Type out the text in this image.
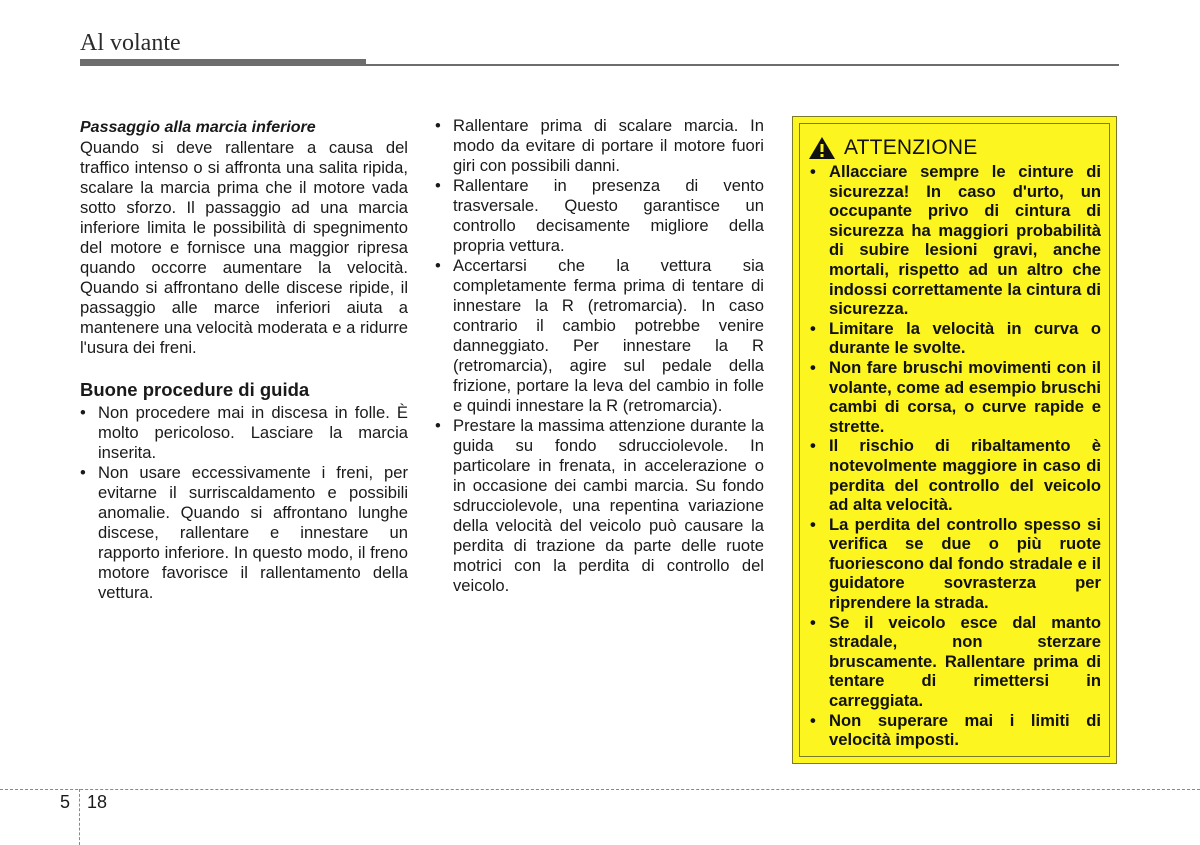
Al volante

Passaggio alla marcia inferiore

Quando si deve rallentare a causa del traffico intenso o si affronta una salita ripida, scalare la marcia prima che il motore vada sotto sforzo. Il passaggio ad una marcia inferiore limita le possibilità di spegnimento del motore e fornisce una maggior ripresa quando occorre aumentare la velocità. Quando si affrontano delle discese ripide, il passaggio alle marce inferiori aiuta a mantenere una velocità moderata e a ridurre l'usura dei freni.

Buone procedure di guida

• Non procedere mai in discesa in folle. È molto pericoloso. Lasciare la marcia inserita.
• Non usare eccessivamente i freni, per evitarne il surriscaldamento e possibili anomalie. Quando si affrontano lunghe discese, rallentare e innestare un rapporto inferiore. In questo modo, il freno motore favorisce il rallentamento della vettura.
• Rallentare prima di scalare marcia. In modo da evitare di portare il motore fuori giri con possibili danni.
• Rallentare in presenza di vento trasversale. Questo garantisce un controllo decisamente migliore della propria vettura.
• Accertarsi che la vettura sia completamente ferma prima di tentare di innestare la R (retromarcia). In caso contrario il cambio potrebbe venire danneggiato. Per innestare la R (retromarcia), agire sul pedale della frizione, portare la leva del cambio in folle e quindi innestare la R (retromarcia).
• Prestare la massima attenzione durante la guida su fondo sdrucciolevole. In particolare in frenata, in accelerazione o in occasione dei cambi marcia. Su fondo sdrucciolevole, una repentina variazione della velocità del veicolo può causare la perdita di trazione da parte delle ruote motrici con la perdita di controllo del veicolo.
ATTENZIONE
• Allacciare sempre le cinture di sicurezza! In caso d'urto, un occupante privo di cintura di sicurezza ha maggiori probabilità di subire lesioni gravi, anche mortali, rispetto ad un altro che indossi correttamente la cintura di sicurezza.
• Limitare la velocità in curva o durante le svolte.
• Non fare bruschi movimenti con il volante, come ad esempio bruschi cambi di corsa, o curve rapide e strette.
• Il rischio di ribaltamento è notevolmente maggiore in caso di perdita del controllo del veicolo ad alta velocità.
• La perdita del controllo spesso si verifica se due o più ruote fuoriescono dal fondo stradale e il guidatore sovrasterza per riprendere la strada.
• Se il veicolo esce dal manto stradale, non sterzare bruscamente. Rallentare prima di tentare di rimettersi in carreggiata.
• Non superare mai i limiti di velocità imposti.
5 18
